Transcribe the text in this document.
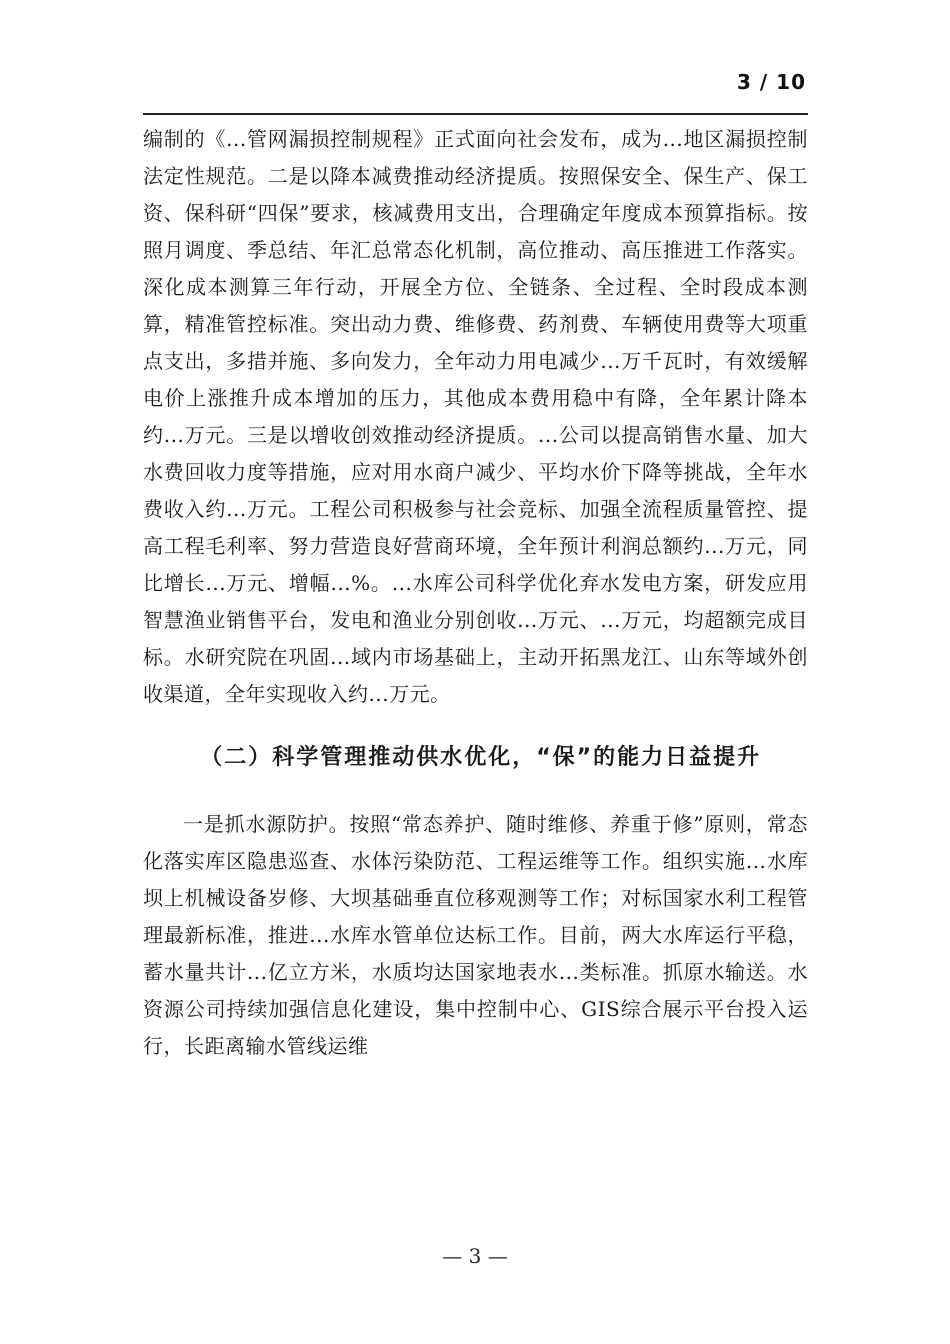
3 / 10

编制的《...管网漏损控制规程》正式面向社会发布，成为...地区漏损控制法定性规范。二是以降本减费推动经济提质。按照保安全、保生产、保工资、保科研“四保”要求，核减费用支出，合理确定年度成本预算指标。按照月调度、季总结、年汇总常态化机制，高位推动、高压推进工作落实。深化成本测算三年行动，开展全方位、全链条、全过程、全时段成本测算，精准管控标准。突出动力费、维修费、药剂费、车辆使用费等大项重点支出，多措并施、多向发力，全年动力用电减少...万千瓦时，有效缓解电价上涨推升成本增加的压力，其他成本费用稳中有降，全年累计降本约...万元。三是以增收创效推动经济提质。...公司以提高销售水量、加大水费回收力度等措施，应对用水商户减少、平均水价下降等挑战，全年水费收入约...万元。工程公司积极参与社会竞标、加强全流程质量管控、提高工程毛利率、努力营造良好营商环境，全年预计利润总额约...万元，同比增长...万元、增幅...%。...水库公司科学优化弃水发电方案，研发应用智慧渔业销售平台，发电和渔业分别创收...万元、...万元，均超额完成目标。水研究院在巩固...域内市场基础上，主动开拓黑龙江、山东等域外创收渠道，全年实现收入约...万元。

（二）科学管理推动供水优化，“保”的能力日益提升

一是抓水源防护。按照“常态养护、随时维修、养重于修”原则，常态化落实库区隐患巡查、水体污染防范、工程运维等工作。组织实施...水库坝上机械设备岁修、大坝基础垂直位移观测等工作；对标国家水利工程管理最新标准，推进...水库水管单位达标工作。目前，两大水库运行平稳，蓄水量共计...亿立方米，水质均达国家地表水...类标准。抓原水输送。水资源公司持续加强信息化建设，集中控制中心、GIS综合展示平台投入运行，长距离输水管线运维

— 3 —
